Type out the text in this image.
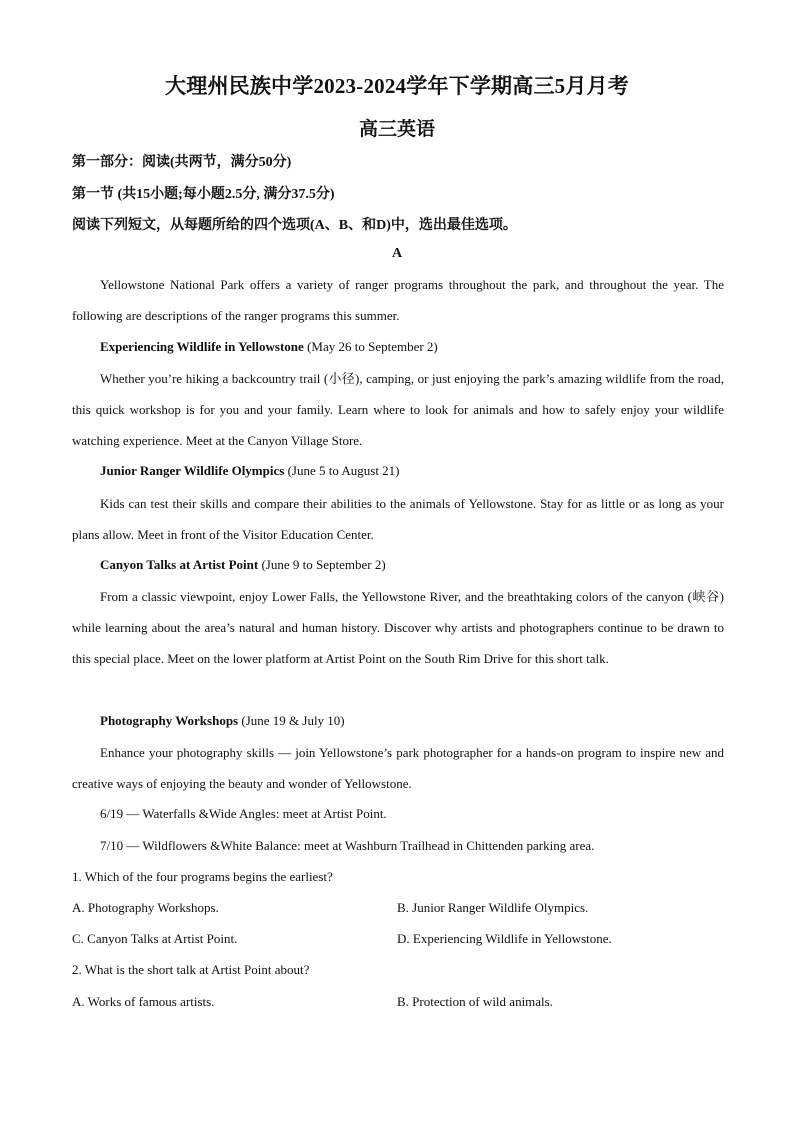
大理州民族中学2023-2024学年下学期高三5月月考
高三英语
第一部分：阅读(共两节，满分50分)
第一节 (共15小题;每小题2.5分, 满分37.5分)
阅读下列短文，从每题所给的四个选项(A、B、和D)中，选出最佳选项。
A
Yellowstone National Park offers a variety of ranger programs throughout the park, and throughout the year. The following are descriptions of the ranger programs this summer.
Experiencing Wildlife in Yellowstone (May 26 to September 2)
Whether you’re hiking a backcountry trail (小径), camping, or just enjoying the park’s amazing wildlife from the road, this quick workshop is for you and your family. Learn where to look for animals and how to safely enjoy your wildlife watching experience. Meet at the Canyon Village Store.
Junior Ranger Wildlife Olympics (June 5 to August 21)
Kids can test their skills and compare their abilities to the animals of Yellowstone. Stay for as little or as long as your plans allow. Meet in front of the Visitor Education Center.
Canyon Talks at Artist Point (June 9 to September 2)
From a classic viewpoint, enjoy Lower Falls, the Yellowstone River, and the breathtaking colors of the canyon (峡谷) while learning about the area’s natural and human history. Discover why artists and photographers continue to be drawn to this special place. Meet on the lower platform at Artist Point on the South Rim Drive for this short talk.
Photography Workshops (June 19 & July 10)
Enhance your photography skills — join Yellowstone’s park photographer for a hands-on program to inspire new and creative ways of enjoying the beauty and wonder of Yellowstone.
6/19 — Waterfalls &Wide Angles: meet at Artist Point.
7/10 — Wildflowers &White Balance: meet at Washburn Trailhead in Chittenden parking area.
1. Which of the four programs begins the earliest?
A. Photography Workshops.	B. Junior Ranger Wildlife Olympics.
C. Canyon Talks at Artist Point.	D. Experiencing Wildlife in Yellowstone.
2. What is the short talk at Artist Point about?
A. Works of famous artists.	B. Protection of wild animals.
